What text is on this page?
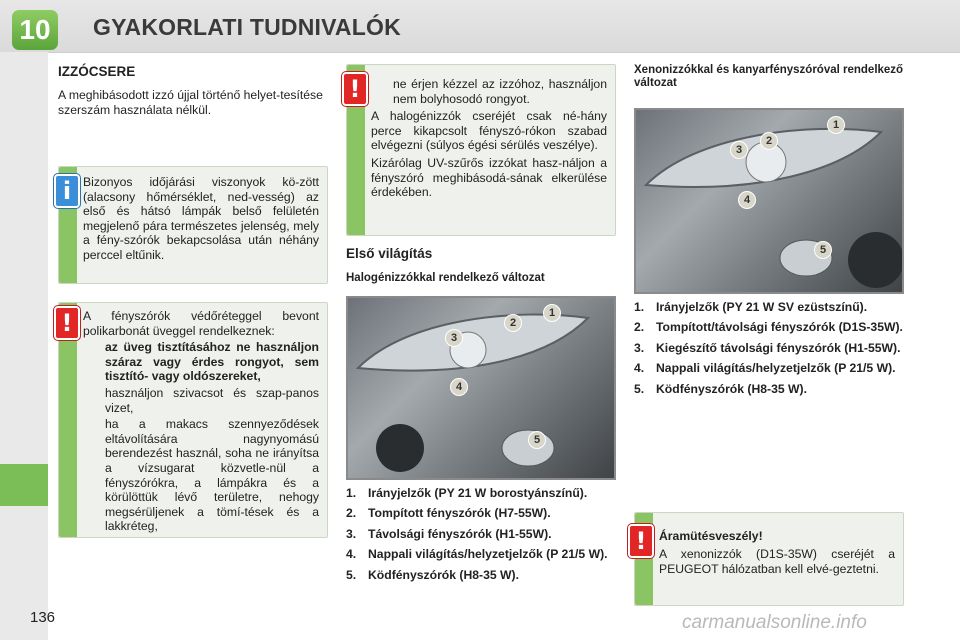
10	GYAKORLATI TUDNIVALÓK
IZZÓCSERE
A meghibásodott izzó újjal történő helyet-tesítése szerszám használata nélkül.
Bizonyos időjárási viszonyok kö-zött (alacsony hőmérséklet, ned-vesség) az első és hátsó lámpák belső felületén megjelenő pára természetes jelenség, mely a fény-szórók bekapcsolása után néhány perccel eltűnik.
i
A fényszórók védőréteggel bevont polikarbonát üveggel rendelkeznek:
az üveg tisztításához ne használjon száraz vagy érdes rongyot, sem tisztító- vagy oldószereket,
használjon szivacsot és szap-panos vizet,
ha a makacs szennyeződések eltávolítására nagynyomású berendezést használ, soha ne irányítsa a vízsugarat közvetle-nül a fényszórókra, a lámpákra és a körülöttük lévő területre, nehogy megsérüljenek a tömí-tések és a lakkréteg,
!
ne érjen kézzel az izzóhoz, használjon nem bolyhosodó rongyot.
A halogénizzók cseréjét csak né-hány perce kikapcsolt fényszó-rókon szabad elvégezni (súlyos égési sérülés veszélye).
Kizárólag UV-szűrős izzókat hasz-náljon a fényszóró meghibásodá-sának elkerülése érdekében.
!
Első világítás
Halogénizzókkal rendelkező változat
1
2
3
4
5
1. Irányjelzők (PY 21 W borostyánszínű).
2. Tompított fényszórók (H7-55W).
3. Távolsági fényszórók (H1-55W).
4. Nappali világítás/helyzetjelzők (P 21/5 W).
5. Ködfényszórók (H8-35 W).
Xenonizzókkal és kanyarfényszóróval rendelkező változat
1
2
3
4
5
1. Irányjelzők (PY 21 W SV ezüstszínű).
2. Tompított/távolsági fényszórók (D1S-35W).
3. Kiegészítő távolsági fényszórók (H1-55W).
4. Nappali világítás/helyzetjelzők (P 21/5 W).
5. Ködfényszórók (H8-35 W).
Áramütésveszély!
A xenonizzók (D1S-35W) cseréjét a PEUGEOT hálózatban kell elvé-geztetni.
!
136	carmanualsonline.info
